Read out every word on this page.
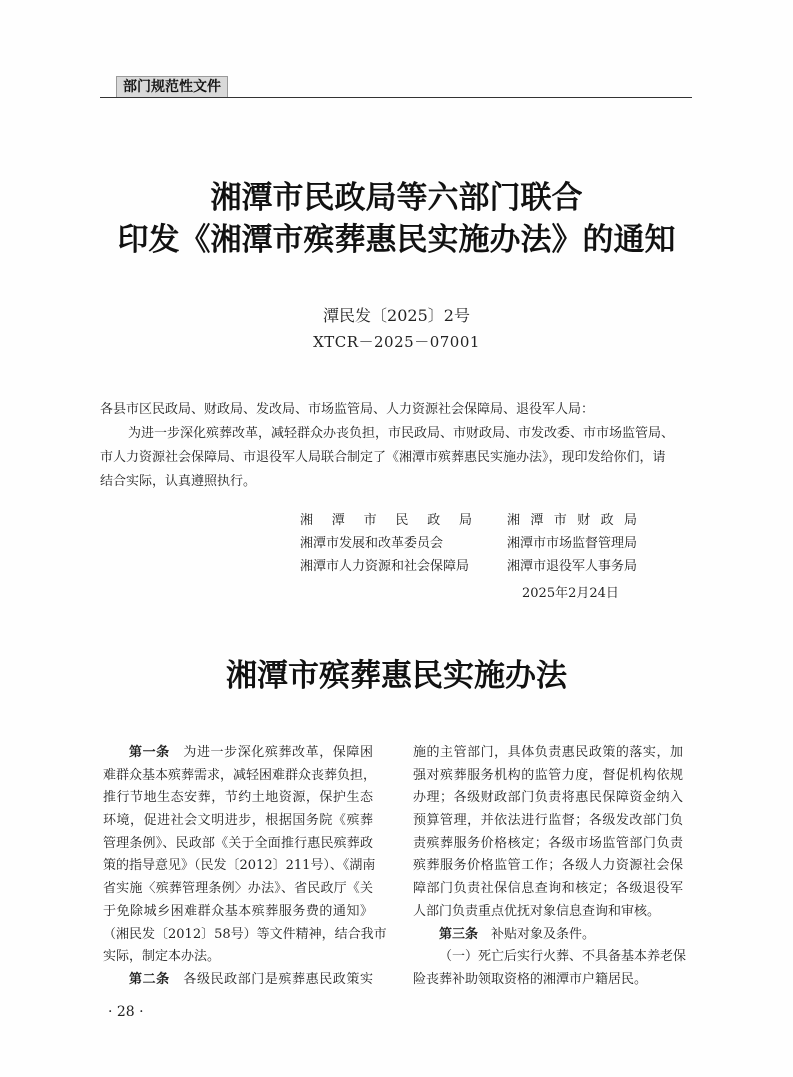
部门规范性文件
湘潭市民政局等六部门联合
印发《湘潭市殡葬惠民实施办法》的通知
潭民发〔2025〕2号
XTCR－2025－07001
各县市区民政局、财政局、发改局、市场监管局、人力资源社会保障局、退役军人局：
为进一步深化殡葬改革，减轻群众办丧负担，市民政局、市财政局、市发改委、市市场监管局、
市人力资源社会保障局、市退役军人局联合制定了《湘潭市殡葬惠民实施办法》，现印发给你们，请
结合实际，认真遵照执行。
湘潭市民政局
湘潭市发展和改革委员会
湘潭市人力资源和社会保障局
湘潭市财政局
湘潭市市场监督管理局
湘潭市退役军人事务局
2025年2月24日
湘潭市殡葬惠民实施办法
第一条　 为进一步深化殡葬改革，保障困
难群众基本殡葬需求，减轻困难群众丧葬负担，
推行节地生态安葬，节约土地资源，保护生态
环境，促进社会文明进步，根据国务院《殡葬
管理条例》、民政部《关于全面推行惠民殡葬政
策的指导意见》（民发〔2012〕211号）、《湖南
省实施〈殡葬管理条例〉办法》、省民政厅《关
于免除城乡困难群众基本殡葬服务费的通知》
（湘民发〔2012〕58号）等文件精神，结合我市
实际，制定本办法。
第二条　 各级民政部门是殡葬惠民政策实
施的主管部门，具体负责惠民政策的落实，加
强对殡葬服务机构的监管力度，督促机构依规
办理；各级财政部门负责将惠民保障资金纳入
预算管理，并依法进行监督；各级发改部门负
责殡葬服务价格核定；各级市场监管部门负责
殡葬服务价格监管工作；各级人力资源社会保
障部门负责社保信息查询和核定；各级退役军
人部门负责重点优抚对象信息查询和审核。
第三条　 补贴对象及条件。
（一）死亡后实行火葬、不具备基本养老保
险丧葬补助领取资格的湘潭市户籍居民。
· 28 ·
